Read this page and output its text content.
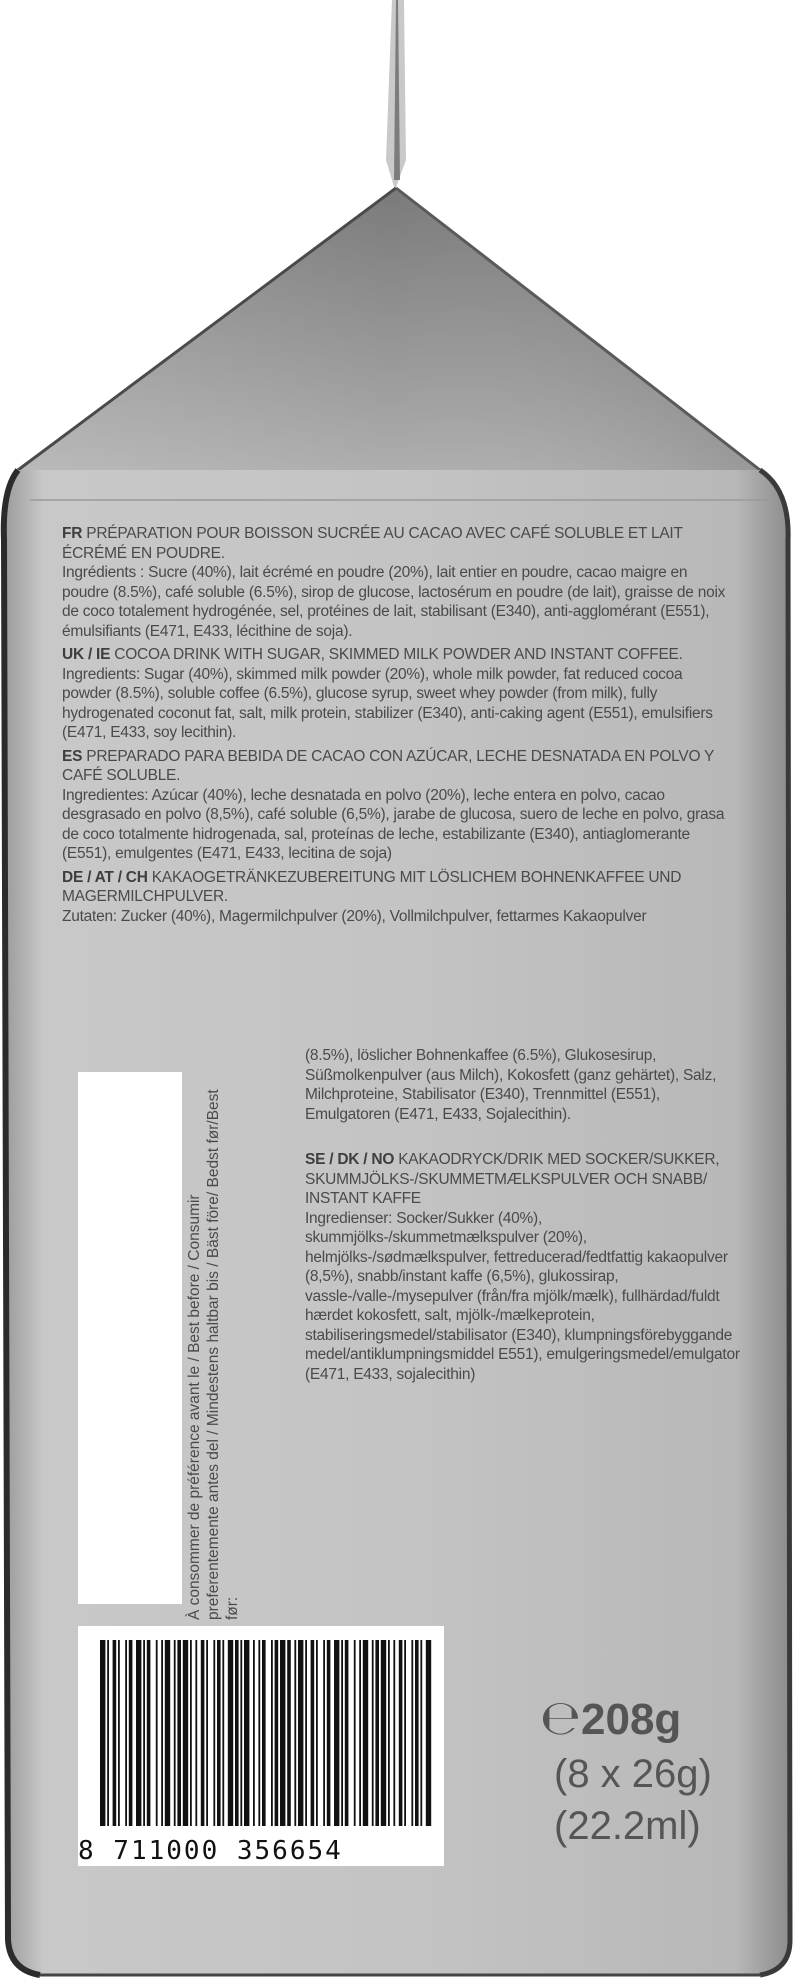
FR PRÉPARATION POUR BOISSON SUCRÉE AU CACAO AVEC CAFÉ SOLUBLE ET LAIT ÉCRÉMÉ EN POUDRE.

Ingrédients : Sucre (40%), lait écrémé en poudre (20%), lait entier en poudre, cacao maigre en poudre (8.5%), café soluble (6.5%), sirop de glucose, lactosérum en poudre (de lait), graisse de noix de coco totalement hydrogénée, sel, protéines de lait, stabilisant (E340), anti-agglomérant (E551), émulsifiants (E471, E433, lécithine de soja).

UK / IE COCOA DRINK WITH SUGAR, SKIMMED MILK POWDER AND INSTANT COFFEE.

Ingredients: Sugar (40%), skimmed milk powder (20%), whole milk powder, fat reduced cocoa powder (8.5%), soluble coffee (6.5%), glucose syrup, sweet whey powder (from milk), fully hydrogenated coconut fat, salt, milk protein, stabilizer (E340), anti-caking agent (E551), emulsifiers (E471, E433, soy lecithin).

ES PREPARADO PARA BEBIDA DE CACAO CON AZÚCAR, LECHE DESNATADA EN POLVO Y CAFÉ SOLUBLE.

Ingredientes: Azúcar (40%), leche desnatada en polvo (20%), leche entera en polvo, cacao desgrasado en polvo (8,5%), café soluble (6,5%), jarabe de glucosa, suero de leche en polvo, grasa de coco totalmente hidrogenada, sal, proteínas de leche, estabilizante (E340), antiaglomerante (E551), emulgentes (E471, E433, lecitina de soja)

DE / AT / CH KAKAOGETRÄNKEZUBEREITUNG MIT LÖSLICHEM BOHNENKAFFEE UND MAGERMILCHPULVER.

Zutaten: Zucker (40%), Magermilchpulver (20%), Vollmilchpulver, fettarmes Kakaopulver

(8.5%), löslicher Bohnenkaffee (6.5%), Glukosesirup, Süßmolkenpulver (aus Milch), Kokosfett (ganz gehärtet), Salz, Milchproteine, Stabilisator (E340), Trennmittel (E551), Emulgatoren (E471, E433, Sojalecithin).

SE / DK / NO KAKAODRYCK/DRIK MED SOCKER/SUKKER, SKUMMJÖLKS-/SKUMMETMÆLKSPULVER OCH SNABB/ INSTANT KAFFE

Ingredienser: Socker/Sukker (40%), skummjölks-/skummetmælkspulver (20%), helmjölks-/sødmælkspulver, fettreducerad/fedtfattig kakaopulver (8,5%), snabb/instant kaffe (6,5%), glukossirap, vassle-/valle-/mysepulver (från/fra mjölk/mælk), fullhärdad/fuldt hærdet kokosfett, salt, mjölk-/mælkeprotein, stabiliseringsmedel/stabilisator (E340), klumpningsförebyggande medel/antiklumpningsmiddel E551), emulgeringsmedel/emulgator (E471, E433, sojalecithin)

À consommer de préférence avant le / Best before / Consumir preferentemente antes del / Mindestens haltbar bis / Bäst före/ Bedst før/Best før:
8 711000 356654
℮208g
(8 x 26g)
(22.2ml)
